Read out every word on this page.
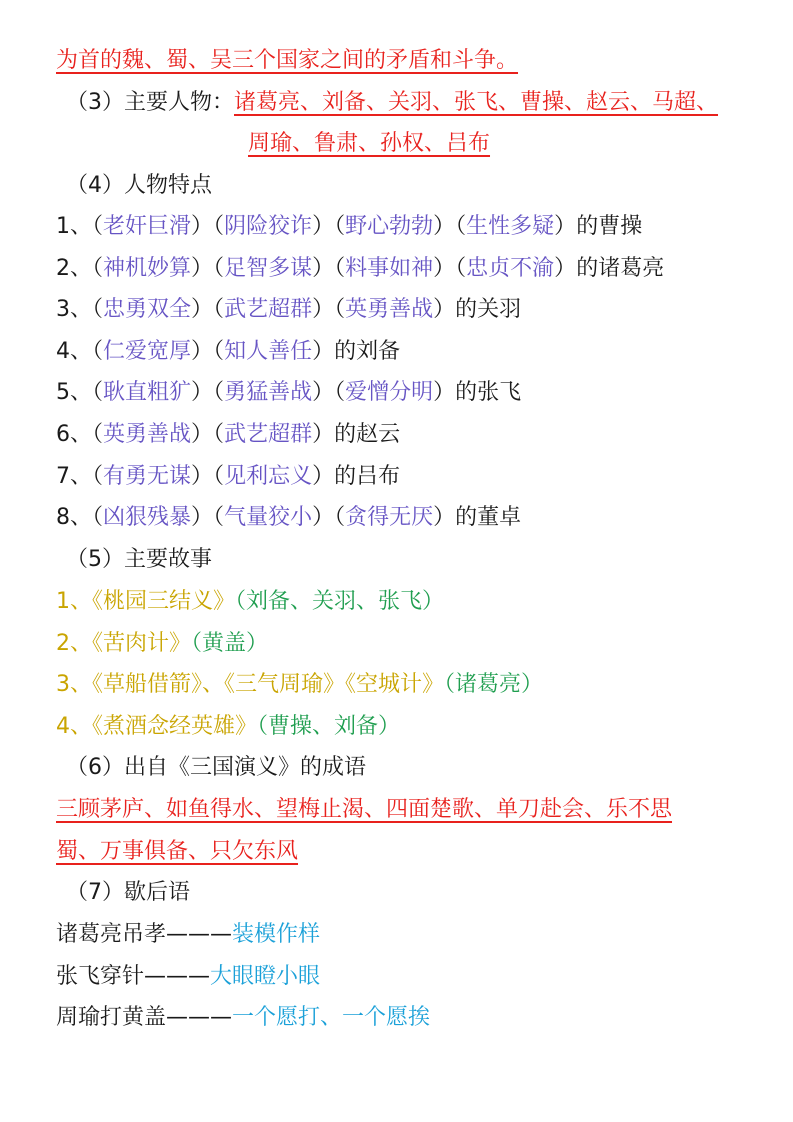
为首的魏、蜀、吴三个国家之间的矛盾和斗争。
（3）主要人物：诸葛亮、刘备、关羽、张飞、曹操、赵云、马超、
周瑜、鲁肃、孙权、吕布
（4）人物特点
（5）主要故事
（6）出自《三国演义》的成语
三顾茅庐、如鱼得水、望梅止渴、四面楚歌、单刀赴会、乐不思
蜀、万事俱备、只欠东风
（7）歇后语
1、（老奸巨滑）（阴险狡诈）（野心勃勃）（生性多疑）的曹操
2、（神机妙算）（足智多谋）（料事如神）（忠贞不渝）的诸葛亮
3、（忠勇双全）（武艺超群）（英勇善战）的关羽
4、（仁爱宽厚）（知人善任）的刘备
5、（耿直粗犷）（勇猛善战）（爱憎分明）的张飞
6、（英勇善战）（武艺超群）的赵云
7、（有勇无谋）（见利忘义）的吕布
8、（凶狠残暴）（气量狡小）（贪得无厌）的董卓
1、《桃园三结义》（刘备、关羽、张飞）
2、《苦肉计》（黄盖）
3、《草船借箭》、《三气周瑜》《空城计》（诸葛亮）
4、《煮酒念经英雄》（曹操、刘备）
诸葛亮吊孝———装模作样
张飞穿针———大眼瞪小眼
周瑜打黄盖———一个愿打、一个愿挨
